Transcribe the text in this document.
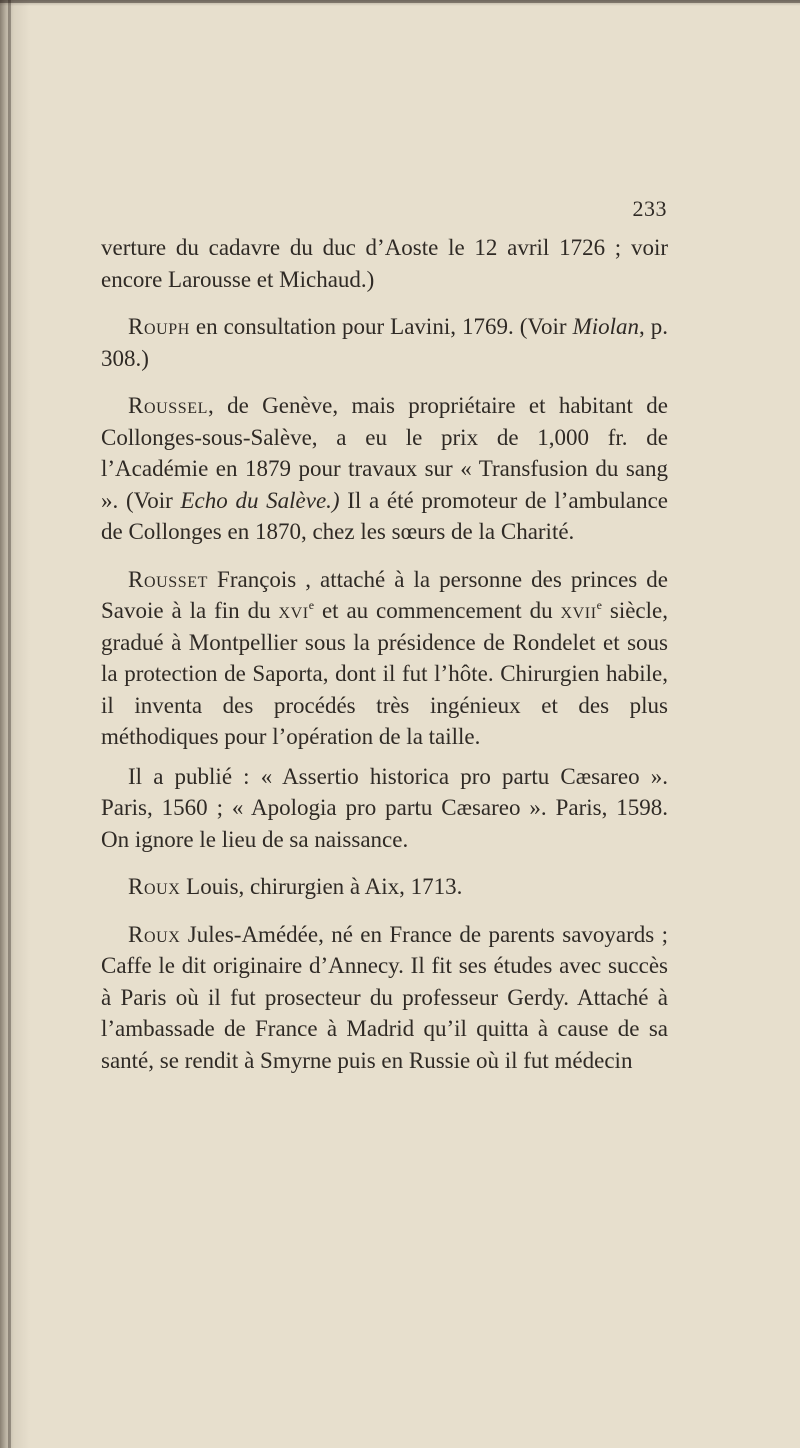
233

verture du cadavre du duc d’Aoste le 12 avril 1726 ; voir encore Larousse et Michaud.)

Rouph en consultation pour Lavini, 1769. (Voir Miolan, p. 308.)

Roussel, de Genève, mais propriétaire et habitant de Collonges-sous-Salève, a eu le prix de 1,000 fr. de l’Académie en 1879 pour travaux sur « Transfusion du sang ». (Voir Echo du Salève.) Il a été promoteur de l’ambulance de Collonges en 1870, chez les sœurs de la Charité.

Rousset François , attaché à la personne des princes de Savoie à la fin du xvi$^e$ et au commencement du xvii$^e$ siècle, gradué à Montpellier sous la présidence de Rondelet et sous la protection de Saporta, dont il fut l’hôte. Chirurgien habile, il inventa des procédés très ingénieux et des plus méthodiques pour l’opération de la taille.

Il a publié : « Assertio historica pro partu Cæsareo ». Paris, 1560 ; « Apologia pro partu Cæsareo ». Paris, 1598. On ignore le lieu de sa naissance.

Roux Louis, chirurgien à Aix, 1713.

Roux Jules-Amédée, né en France de parents savoyards ; Caffe le dit originaire d’Annecy. Il fit ses études avec succès à Paris où il fut prosecteur du professeur Gerdy. Attaché à l’ambassade de France à Madrid qu’il quitta à cause de sa santé, se rendit à Smyrne puis en Russie où il fut médecin
